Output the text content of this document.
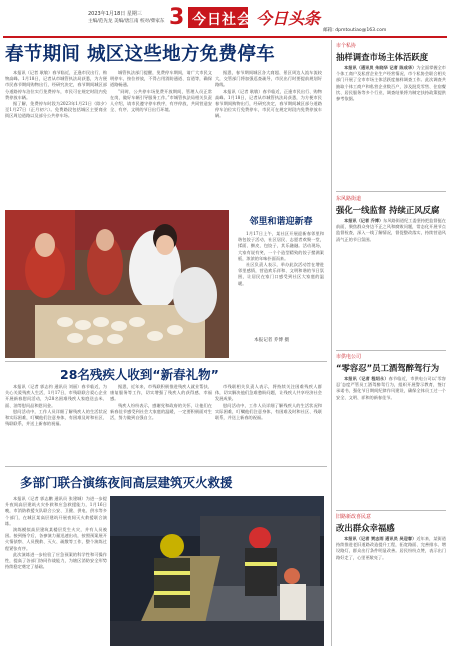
2023年1月18日 星期三
主编/范先龙 美编/唐江南 校对/柴家东 3 今日社会 今日头条
邮箱: dpmtoutiao@163.com
春节期间 城区这些地方免费停车

本报讯（记者 耿敏）春节临近，正逢市民出行、购物高峰。1月18日，记者从市城管执法局获悉，为方便市民春节期间购物出行，经研究决定，春节期间城区部分道路停车泊位实行免费停车，市民可在规定时段内免费停放车辆。

据了解，免费停车时段为2023年1月21日（除夕）至1月27日（正月初六）。免费路段包括城区主要商业街区周边道路以及部分公共停车场。

城管执法部门提醒，免费停车期间，请广大市民文明停车，按位停放，不得占用消防通道、盲道等，确保道路畅通。

“同时，公共停车场免费开放期间，管理人员正常在岗，做好车辆引导服务工作。”市城管执法局相关负责人介绍，请市民遵守停车秩序，有序停放，共同营造安全、有序、文明的节日出行环境。

据悉，春节期间城区各大商超、景区周边人流车流较大，交管部门将加强巡查疏导，市民出行时要提前规划好路线。

本报讯（记者 耿敏）春节临近，正逢市民出行、购物高峰。1月18日，记者从市城管执法局获悉，为方便市民春节期间购物出行，经研究决定，春节期间城区部分道路停车泊位实行免费停车，市民可在规定时段内免费停放车辆。

邻里和谐迎新春

1月17日上午，某社区开展迎新春邻里和谐包饺子活动，社区居民、志愿者欢聚一堂，揉面、擀皮、包饺子，其乐融融。活动现场，大家有说有笑，一个个造型精致的饺子摆满案板，浓浓的年味扑面而来。

社区负责人表示，举办此次活动旨在增进邻里感情，营造欢乐祥和、文明和谐的节日氛围，让居民在家门口感受到社区大家庭的温暖。

本报记者 乔博 摄
28名残疾人收到“新春礼物”

本报讯（记者 郭志钧 通讯员 刘丽）春节临近，为关心关爱残疾人生活，1月17日，市残联联合爱心企业开展新春慰问活动，为28名困难残疾人家庭送去米、面、油等慰问品和慰问金。

慰问活动中，工作人员详细了解残疾人的生活状况和实际困难，叮嘱他们注意身体，有困难及时和社区、残联联系，并送上新春的祝福。

据悉，近年来，市残联积极推进残疾人就业帮扶、康复服务等工作，切实增强了残疾人的获得感、幸福感。

残疾人纷纷表示，感谢党和政府的关怀，让他们在新春佳节感受到社会大家庭的温暖，一定要积极面对生活，努力做到自强自立。

市残联相关负责人表示，将持续关注困难残疾人群体，切实解决他们急难愁盼问题，让残疾人共享经济社会发展成果。

慰问活动中，工作人员详细了解残疾人的生活状况和实际困难，叮嘱他们注意身体，有困难及时和社区、残联联系，并送上新春的祝福。

多部门联合演练夜间高层建筑灭火救援

本报讯（记者 郭志鹏 通讯员 张建城）为进一步提升夜间高层建筑火灾扑救和应急救援能力，1月16日晚，市消防救援支队联合公安、卫健、供电、供水等多个部门，在城区某高层建筑开展夜间灭火救援联合演练。

演练模拟高层建筑某楼层发生火灾，并有人员被困。接到指令后，各参演力量迅速出动，按照预案展开火情侦察、人员搜救、灭火、疏散等工作，整个演练过程紧张有序。

此次演练进一步检验了应急预案的科学性和可操作性，提高了各部门协同作战能力，为辖区消防安全形势持续稳定奠定了基础。

市个私协
抽样调查市场主体活跃度

本报讯（通讯员 朱晓华 记者 陈成华）为全面掌握全市个体工商户及私营企业生产经营情况，市个私协会联合相关部门开展了全市市场主体活跃度抽样调查工作。此次调查共抽取个体工商户和私营企业数百户，涉及批发零售、住宿餐饮、居民服务等多个行业，调查结果将为制定扶持政策提供参考依据。

东风路街道
强化一线监督 持续正风反腐

本报讯（记者 乔博）东风路街道纪工委坚持把监督挺在前面，聚焦群众身边不正之风和腐败问题，常态化开展节点监督检查，深入一线了解情况，督促整改落实，持续营造风清气正的节日氛围。

市供电公司
“零容忍”员工酒驾醉驾行为

本报讯（记者 程绍永）春节临近，市供电公司以‘零容忍’态度严管员工酒驾醉驾行为，组织开展警示教育，签订承诺书，强化节日期间纪律作风建设，确保全体员工过一个安全、文明、祥和的新春佳节。

旧路新改喜民意
改出群众幸福感

本报讯（记者 贾志雨 通讯员 吴迎春）近年来，某街道持续推进老旧道路改造提升工程，拓宽路面、完善排水、增设路灯，群众出行条件明显改善。居民纷纷点赞，表示出门路好走了，心里更敞亮了。
